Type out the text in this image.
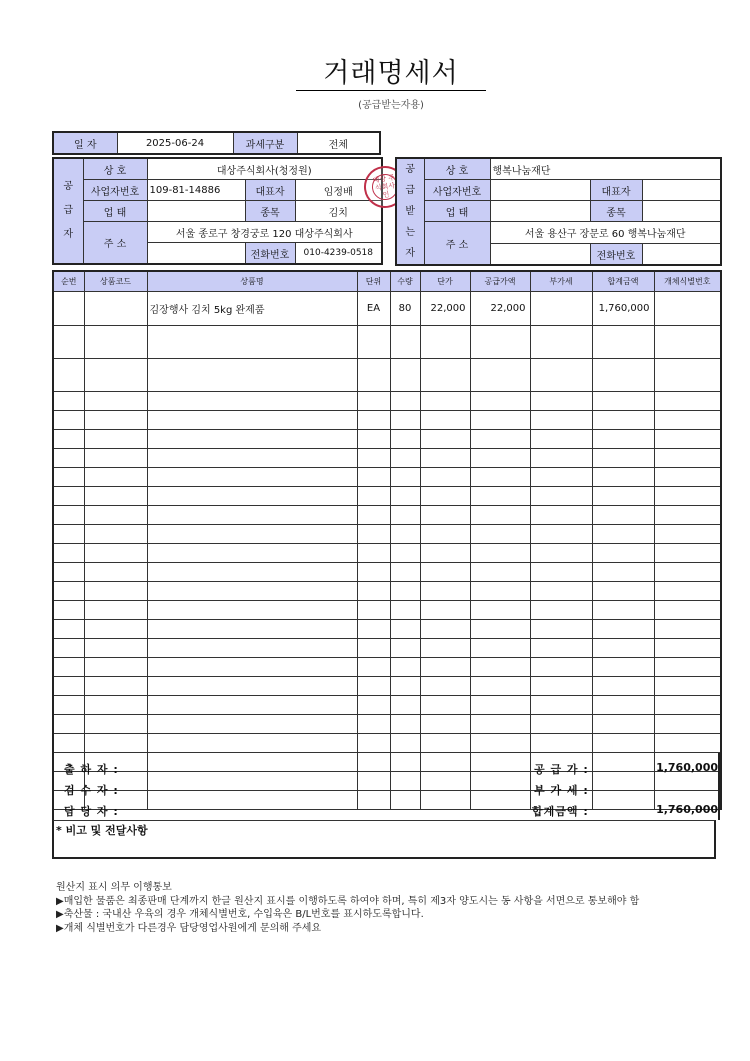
거래명세서
(공급받는자용)
일 자	2025-06-24	과세구분	전체
공
급
자	상 호	대상주식회사(청정원)		
	사업자번호	109-81-14886	대표자	임정배
	업 태		종목	김치
	주 소	서울 종로구 창경궁로 120 대상주식회사		
			전화번호	010-4239-0518
대상 주식회사 인
공
급
받
는
자	상 호	행복나눔재단		
	사업자번호		대표자	
	업 태		종목	
	주 소	서울 용산구 장문로 60 행복나눔재단		
			전화번호	
순번	상품코드	상품명	단위	수량	단가	공급가액	부가세	합계금액	개체식별번호
		김장행사 김치 5kg 완제품	EA	80	22,000	22,000		1,760,000	

출 하 자 :
검 수 자 :
담 당 자 :
공 급 가 :	1,760,000
부 가 세 :
합계금액 :	1,760,000
* 비고 및 전달사항
원산지 표시 의무 이행통보
▶매입한 물품은 최종판매 단계까지 한글 원산지 표시를 이행하도록 하여야 하며, 특히 제3자 양도시는 동 사항을 서면으로 통보해야 함
▶축산물 : 국내산 우육의 경우 개체식별번호, 수입육은 B/L번호를 표시하도록합니다.
▶개체 식별번호가 다른경우 담당영업사원에게 문의해 주세요
